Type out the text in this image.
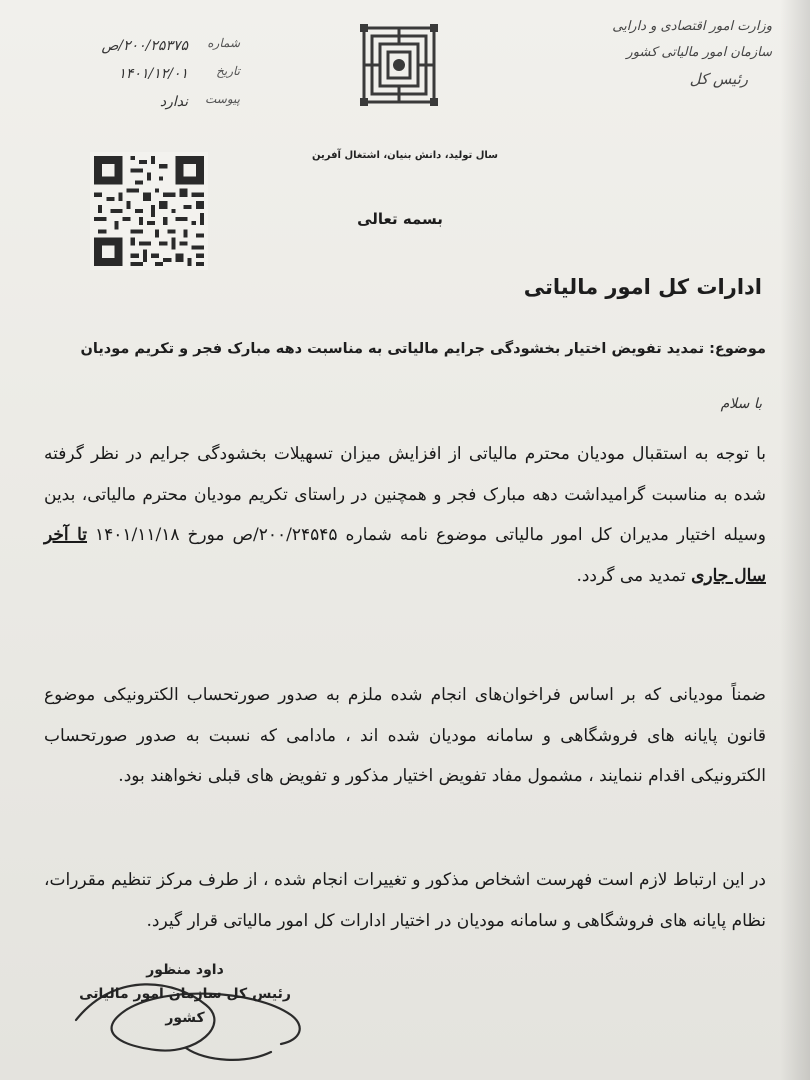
وزارت امور اقتصادی و دارایی
سازمان امور مالیاتی کشور
رئیس کل
شماره
۲۰۰/۲۵۳۷۵/ص
تاریخ
۱۴۰۱/۱۲/۰۱
پیوست
ندارد
سال تولید، دانش بنیان، اشتغال آفرین
بسمه تعالی
ادارات کل امور مالیاتی
موضوع: تمدید تفویض اختیار بخشودگی جرایم مالیاتی به مناسبت دهه مبارک فجر و تکریم مودیان
با سلام
با توجه به استقبال مودیان محترم مالیاتی از افزایش میزان تسهیلات بخشودگی جرایم در نظر گرفته شده به مناسبت گرامیداشت دهه مبارک فجر و همچنین در راستای تکریم مودیان محترم مالیاتی، بدین وسیله اختیار مدیران کل امور مالیاتی موضوع نامه شماره ۲۰۰/۲۴۵۴۵/ص مورخ ۱۴۰۱/۱۱/۱۸ تا آخر سال جاری تمدید می گردد.
ضمناً مودیانی که بر اساس فراخوان‌های انجام شده ملزم به صدور صورتحساب الکترونیکی موضوع قانون پایانه های فروشگاهی و سامانه مودیان شده اند ، مادامی که نسبت به صدور صورتحساب الکترونیکی اقدام ننمایند ، مشمول مفاد تفویض اختیار مذکور و تفویض های قبلی نخواهند بود.
در این ارتباط لازم است فهرست اشخاص مذکور و تغییرات انجام شده ، از طرف مرکز تنظیم مقررات، نظام پایانه های فروشگاهی و سامانه مودیان در اختیار ادارات کل امور مالیاتی قرار گیرد.
داود منظور
رئیس کل سازمان امور مالیاتی کشور
